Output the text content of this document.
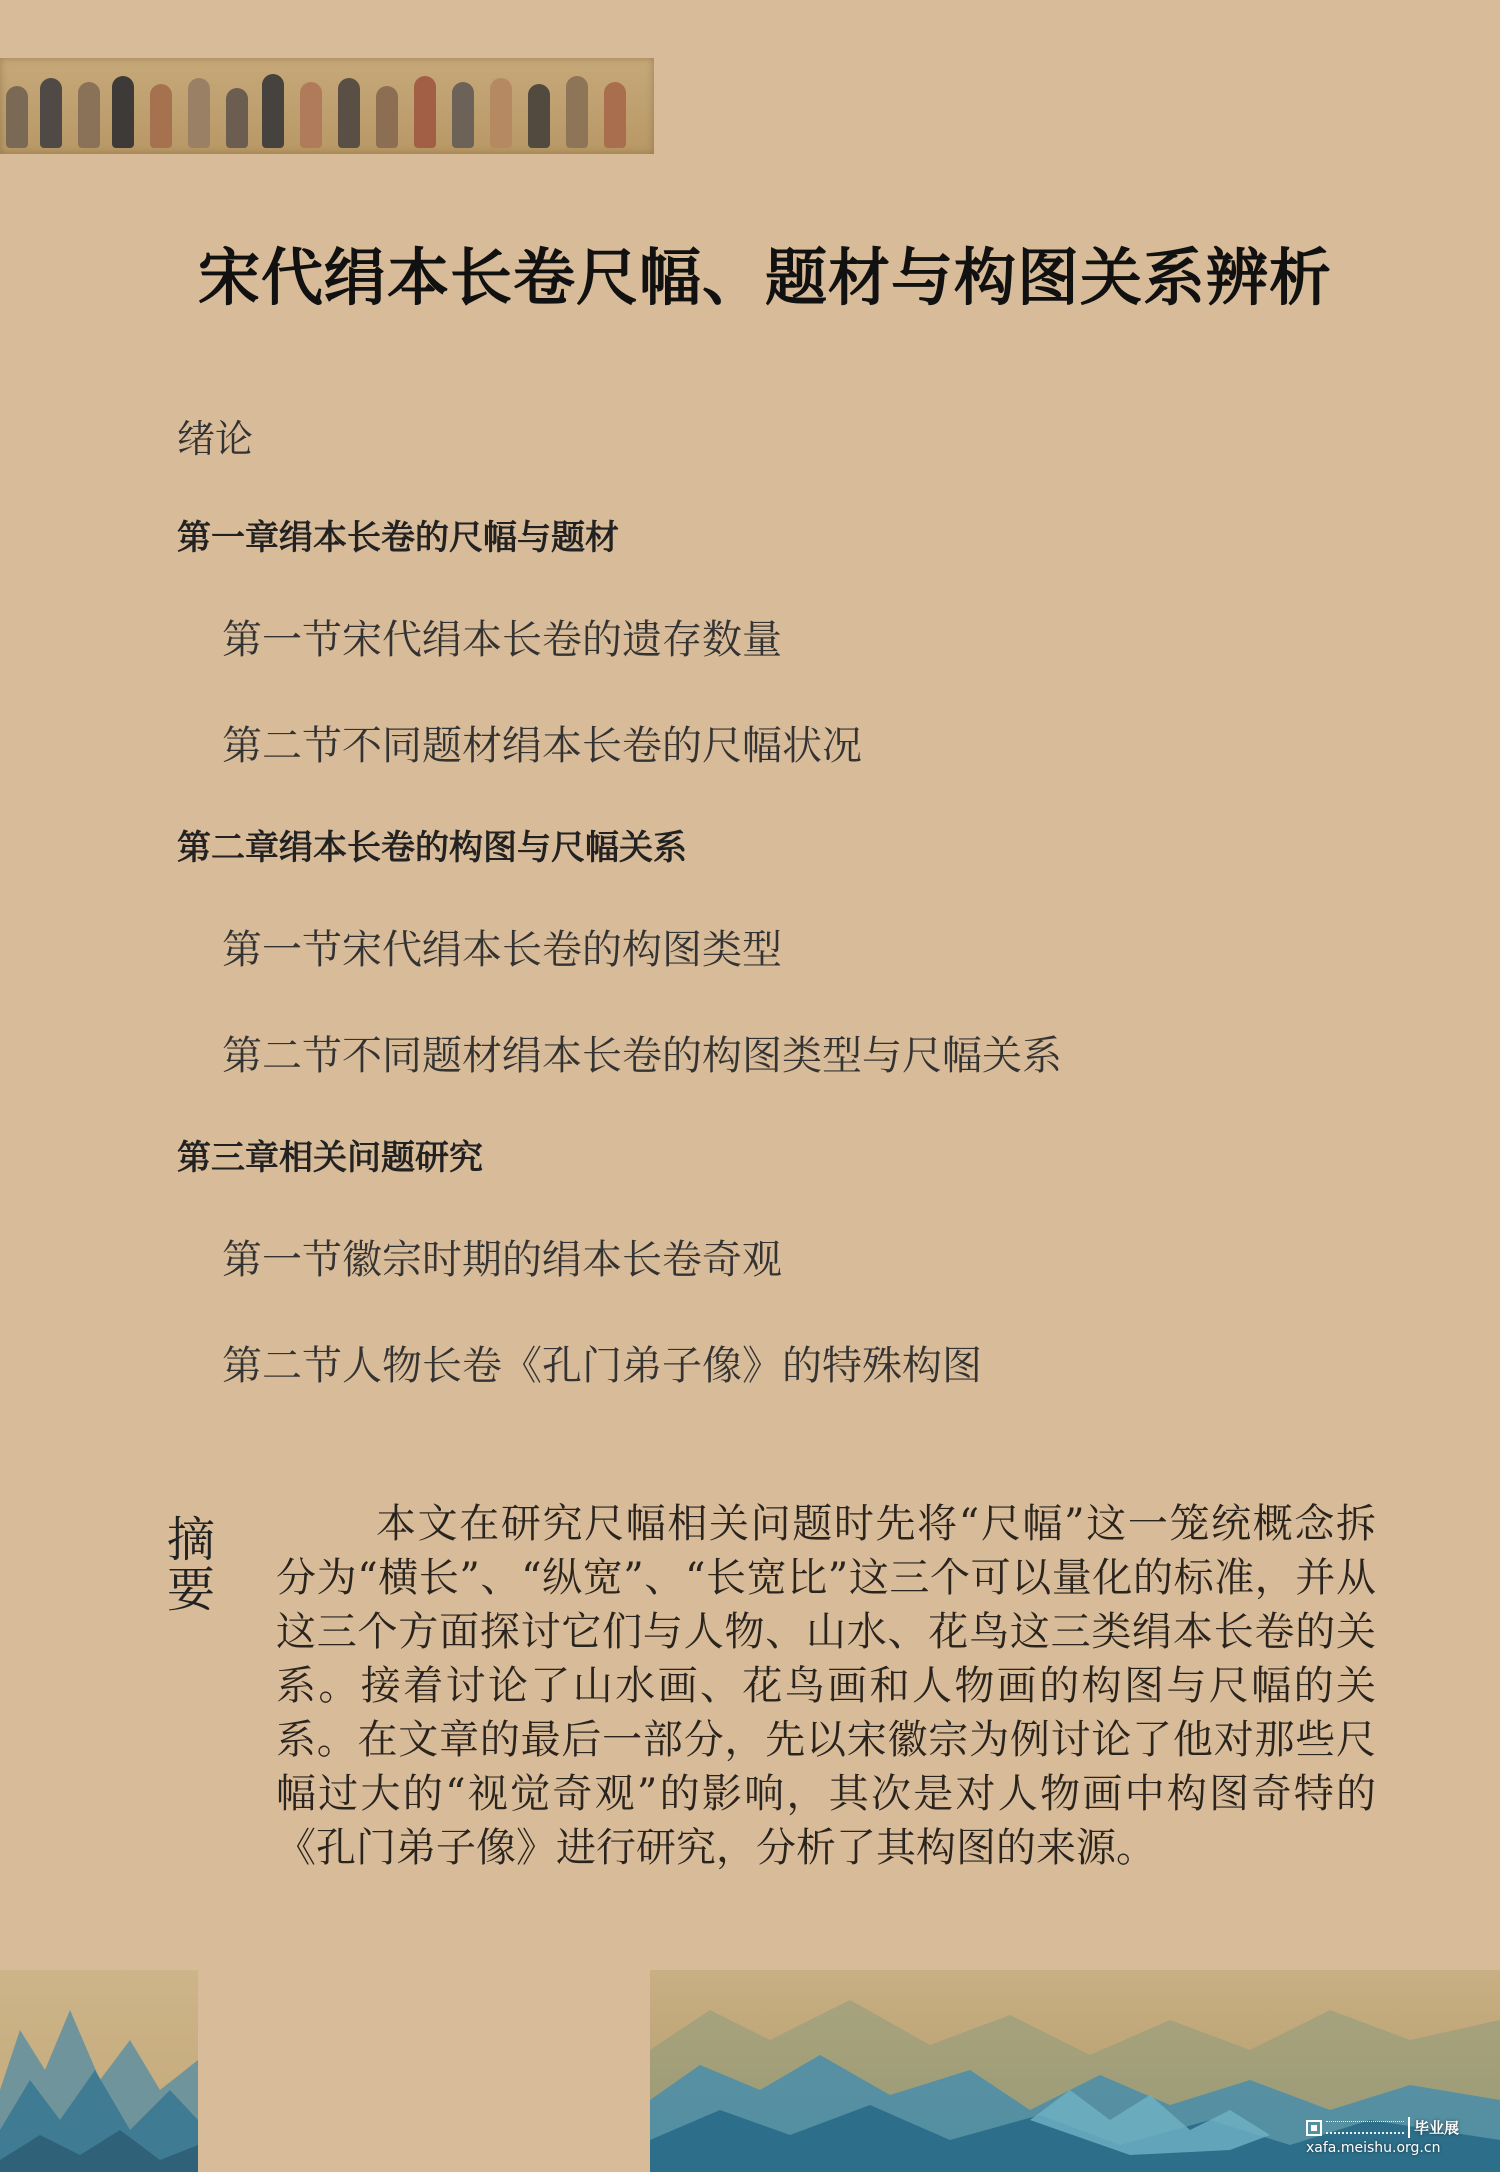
宋代绢本长卷尺幅、题材与构图关系辨析

绪论

第一章绢本长卷的尺幅与题材

第一节宋代绢本长卷的遗存数量

第二节不同题材绢本长卷的尺幅状况

第二章绢本长卷的构图与尺幅关系

第一节宋代绢本长卷的构图类型

第二节不同题材绢本长卷的构图类型与尺幅关系

第三章相关问题研究

第一节徽宗时期的绢本长卷奇观

第二节人物长卷《孔门弟子像》的特殊构图

摘要

本文在研究尺幅相关问题时先将“尺幅”这一笼统概念拆分为“横长”、“纵宽”、“长宽比”这三个可以量化的标准，并从这三个方面探讨它们与人物、山水、花鸟这三类绢本长卷的关系。接着讨论了山水画、花鸟画和人物画的构图与尺幅的关系。在文章的最后一部分，先以宋徽宗为例讨论了他对那些尺幅过大的“视觉奇观”的影响，其次是对人物画中构图奇特的《孔门弟子像》进行研究，分析了其构图的来源。

毕业展
xafa.meishu.org.cn
